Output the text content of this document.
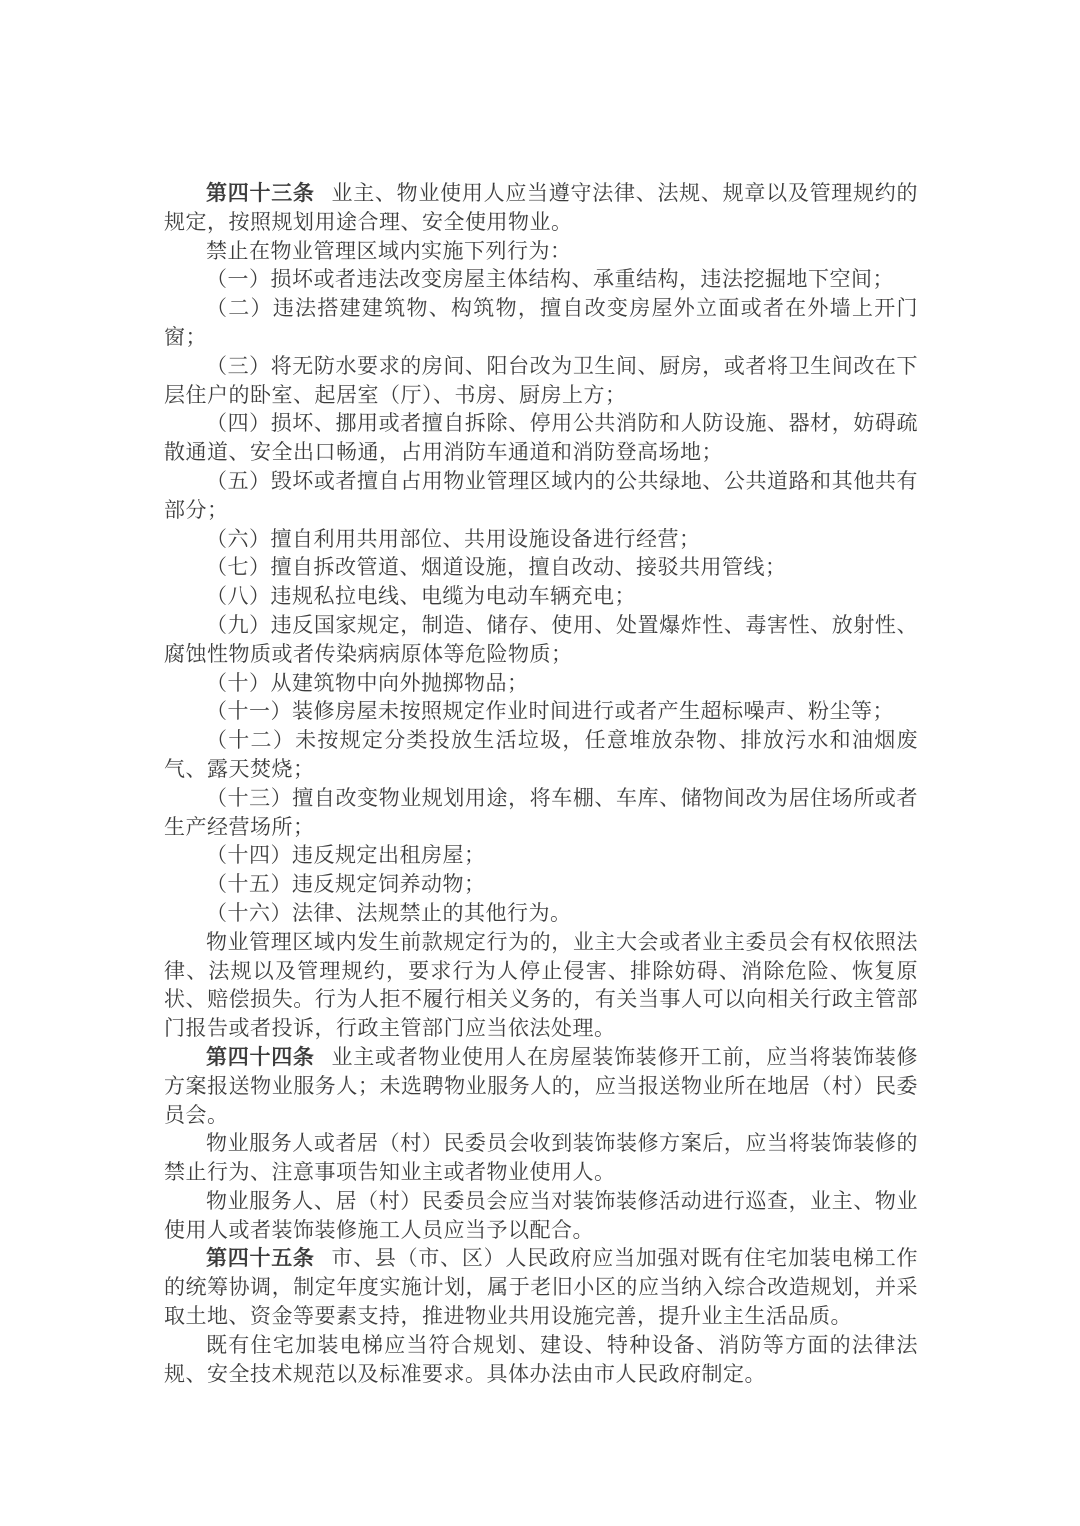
第四十三条 业主、物业使用人应当遵守法律、法规、规章以及管理规约的规定，按照规划用途合理、安全使用物业。

禁止在物业管理区域内实施下列行为：

（一）损坏或者违法改变房屋主体结构、承重结构，违法挖掘地下空间；

（二）违法搭建建筑物、构筑物，擅自改变房屋外立面或者在外墙上开门窗；

（三）将无防水要求的房间、阳台改为卫生间、厨房，或者将卫生间改在下层住户的卧室、起居室（厅）、书房、厨房上方；

（四）损坏、挪用或者擅自拆除、停用公共消防和人防设施、器材，妨碍疏散通道、安全出口畅通，占用消防车通道和消防登高场地；

（五）毁坏或者擅自占用物业管理区域内的公共绿地、公共道路和其他共有部分；

（六）擅自利用共用部位、共用设施设备进行经营；

（七）擅自拆改管道、烟道设施，擅自改动、接驳共用管线；

（八）违规私拉电线、电缆为电动车辆充电；

（九）违反国家规定，制造、储存、使用、处置爆炸性、毒害性、放射性、腐蚀性物质或者传染病病原体等危险物质；

（十）从建筑物中向外抛掷物品；

（十一）装修房屋未按照规定作业时间进行或者产生超标噪声、粉尘等；

（十二）未按规定分类投放生活垃圾，任意堆放杂物、排放污水和油烟废气、露天焚烧；

（十三）擅自改变物业规划用途，将车棚、车库、储物间改为居住场所或者生产经营场所；

（十四）违反规定出租房屋；

（十五）违反规定饲养动物；

（十六）法律、法规禁止的其他行为。

物业管理区域内发生前款规定行为的，业主大会或者业主委员会有权依照法律、法规以及管理规约，要求行为人停止侵害、排除妨碍、消除危险、恢复原状、赔偿损失。行为人拒不履行相关义务的，有关当事人可以向相关行政主管部门报告或者投诉，行政主管部门应当依法处理。

第四十四条 业主或者物业使用人在房屋装饰装修开工前，应当将装饰装修方案报送物业服务人；未选聘物业服务人的，应当报送物业所在地居（村）民委员会。

物业服务人或者居（村）民委员会收到装饰装修方案后，应当将装饰装修的禁止行为、注意事项告知业主或者物业使用人。

物业服务人、居（村）民委员会应当对装饰装修活动进行巡查，业主、物业使用人或者装饰装修施工人员应当予以配合。

第四十五条 市、县（市、区）人民政府应当加强对既有住宅加装电梯工作的统筹协调，制定年度实施计划，属于老旧小区的应当纳入综合改造规划，并采取土地、资金等要素支持，推进物业共用设施完善，提升业主生活品质。

既有住宅加装电梯应当符合规划、建设、特种设备、消防等方面的法律法规、安全技术规范以及标准要求。具体办法由市人民政府制定。
